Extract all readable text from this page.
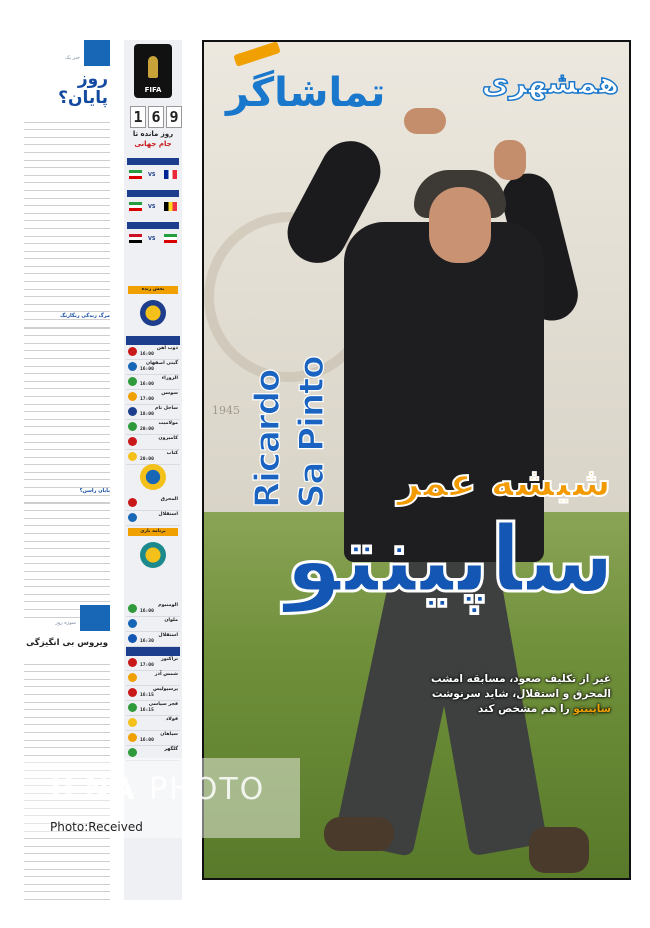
خبر یک
روز پایان؟
مرگ زندگی رنگارنگ
پایان راسن؟
سوژه روز
ویروس بی انگیزگی
FIFA
1 6 9
روز مانده تا
جام جهانی
VS
VS
VS
بخش زنده
ذوب آهن
16:00
گیتی اصفهان
16:00
الزوراء
16:00
سوسن
17:00
ساحل تام
18:00
مولاميت
20:00
كاميرون
كتاب
20:00
المحرق
استقلال
برنامه بازی
الومنیوم
16:00
ملوان
استقلال
16:30
تراکتور
17:00
شمس آذر
پرسپولیس
16:15
فجر سپاسی
16:15
فولاد
سپاهان
16:00
گلگهر
1945
تماشاگر	همشهری
Ricardo Sa Pinto شیشه عمر
ساپینتو
غیر از تکلیف صعود، مسابقه امشب
المحرق و استقلال، شاید سرنوشت
ساپینتو را هم مشخص کند
ILNA PHOTO
Photo:Received
